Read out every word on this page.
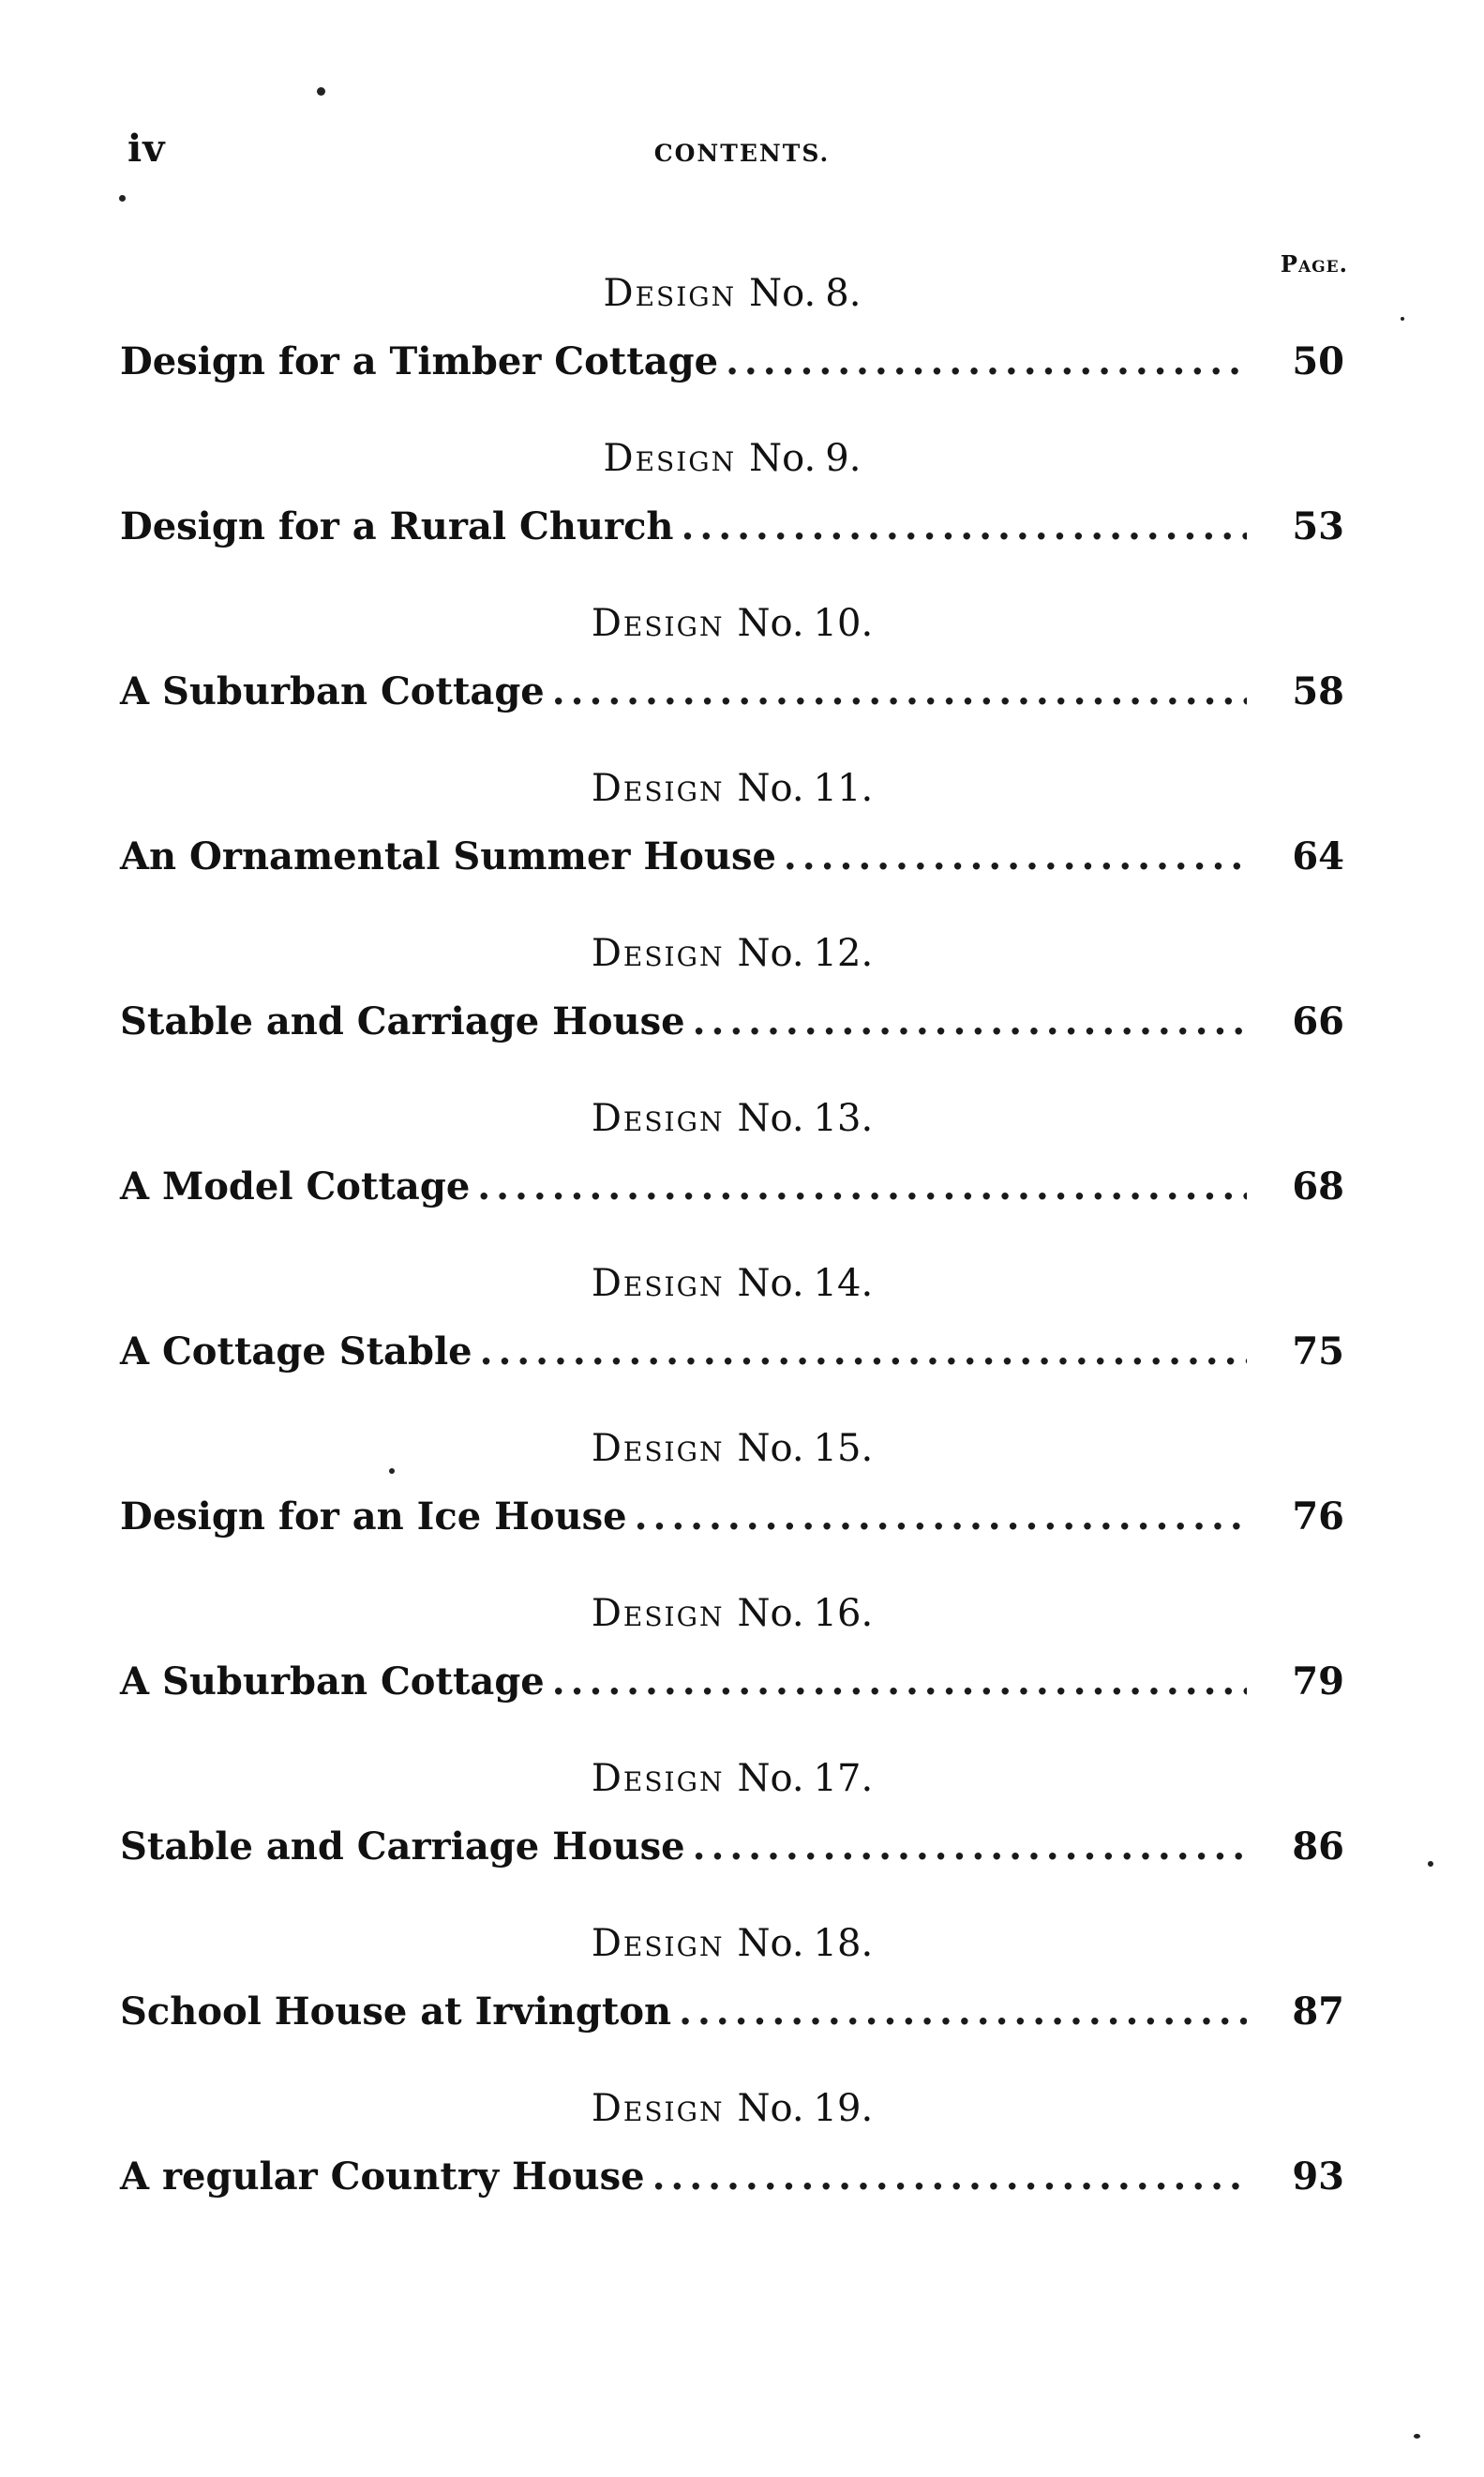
iv	CONTENTS.
Page.
Design No. 8.
Design for a Timber Cottage . . .	50
Design No. 9.
Design for a Rural Church . . .	53
Design No. 10.
A Suburban Cottage . . .	58
Design No. 11.
An Ornamental Summer House . . .	64
Design No. 12.
Stable and Carriage House . . .	66
Design No. 13.
A Model Cottage . . .	68
Design No. 14.
A Cottage Stable . . .	75
Design No. 15.
Design for an Ice House . . .	76
Design No. 16.
A Suburban Cottage . . .	79
Design No. 17.
Stable and Carriage House . . .	86
Design No. 18.
School House at Irvington . . .	87
Design No. 19.
A regular Country House . . .	93
